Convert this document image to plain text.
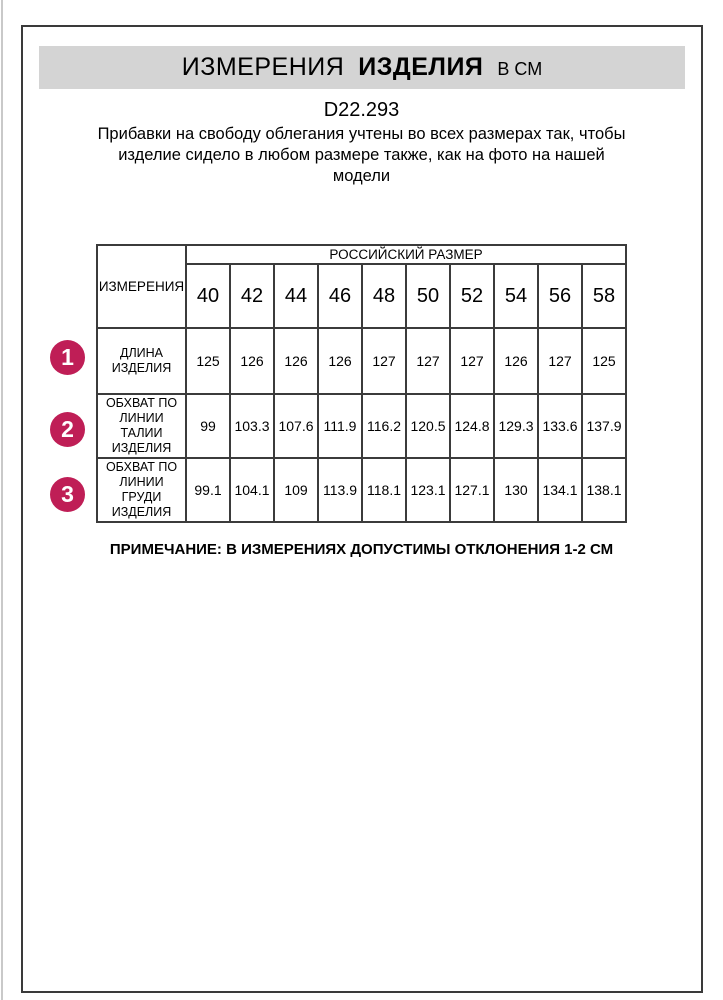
ИЗМЕРЕНИЯ ИЗДЕЛИЯ В СМ
D22.293
Прибавки на свободу облегания учтены во всех размерах так, чтобы
изделие сидело в любом размере также, как на фото на нашей
модели
ИЗМЕРЕНИЯ	РОССИЙСКИЙ РАЗМЕР									
	40	42	44	46	48	50	52	54	56	58
ДЛИНА ИЗДЕЛИЯ	125	126	126	126	127	127	127	126	127	125
ОБХВАТ ПО ЛИНИИ ТАЛИИ ИЗДЕЛИЯ	99	103.3	107.6	111.9	116.2	120.5	124.8	129.3	133.6	137.9
ОБХВАТ ПО ЛИНИИ ГРУДИ ИЗДЕЛИЯ	99.1	104.1	109	113.9	118.1	123.1	127.1	130	134.1	138.1
1
2
3
ПРИМЕЧАНИЕ: В ИЗМЕРЕНИЯХ ДОПУСТИМЫ ОТКЛОНЕНИЯ 1-2 СМ
